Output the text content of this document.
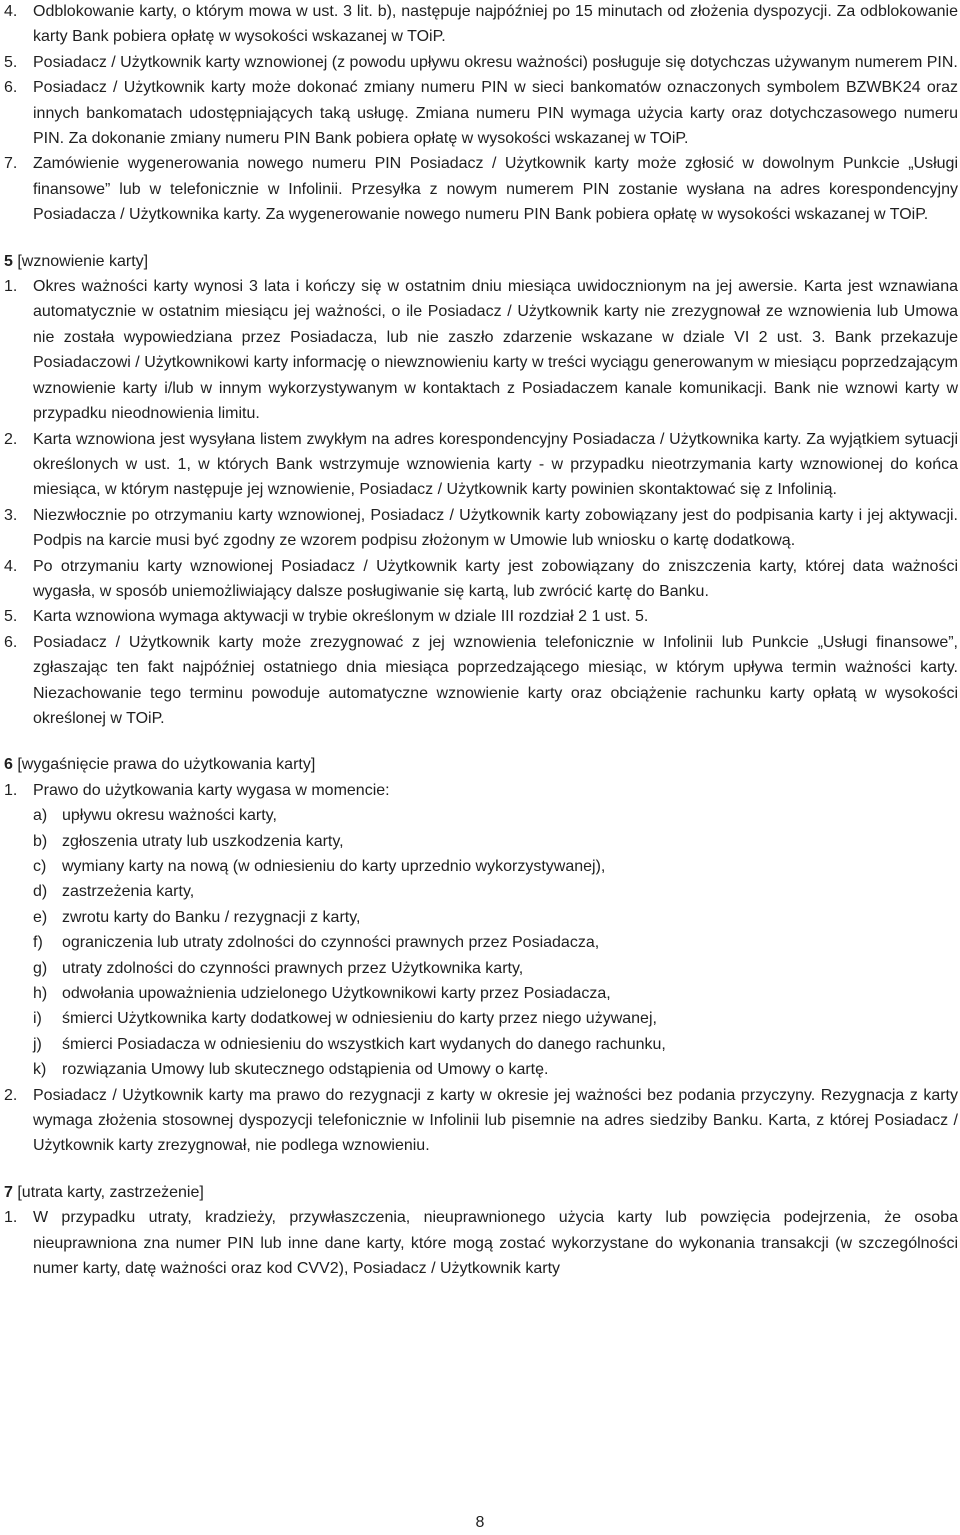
4. Odblokowanie karty, o którym mowa w ust. 3 lit. b), następuje najpóźniej po 15 minutach od złożenia dyspozycji. Za odblokowanie karty Bank pobiera opłatę w wysokości wskazanej w TOiP.
5. Posiadacz / Użytkownik karty wznowionej (z powodu upływu okresu ważności) posługuje się dotychczas używanym numerem PIN.
6. Posiadacz / Użytkownik karty może dokonać zmiany numeru PIN w sieci bankomatów oznaczonych symbolem BZWBK24 oraz innych bankomatach udostępniających taką usługę. Zmiana numeru PIN wymaga użycia karty oraz dotychczasowego numeru PIN. Za dokonanie zmiany numeru PIN Bank pobiera opłatę w wysokości wskazanej w TOiP.
7. Zamówienie wygenerowania nowego numeru PIN Posiadacz / Użytkownik karty może zgłosić w dowolnym Punkcie „Usługi finansowe” lub w telefonicznie w Infolinii. Przesyłka z nowym numerem PIN zostanie wysłana na adres korespondencyjny Posiadacza / Użytkownika karty. Za wygenerowanie nowego numeru PIN Bank pobiera opłatę w wysokości wskazanej w TOiP.
5 [wznowienie karty]
1. Okres ważności karty wynosi 3 lata i kończy się w ostatnim dniu miesiąca uwidocznionym na jej awersie. Karta jest wznawiana automatycznie w ostatnim miesiącu jej ważności, o ile Posiadacz / Użytkownik karty nie zrezygnował ze wznowienia lub Umowa nie została wypowiedziana przez Posiadacza, lub nie zaszło zdarzenie wskazane w dziale VI 2 ust. 3. Bank przekazuje Posiadaczowi / Użytkownikowi karty informację o niewznowieniu karty w treści wyciągu generowanym w miesiącu poprzedzającym wznowienie karty i/lub w innym wykorzystywanym w kontaktach z Posiadaczem kanale komunikacji. Bank nie wznowi karty w przypadku nieodnowienia limitu.
2. Karta wznowiona jest wysyłana listem zwykłym na adres korespondencyjny Posiadacza / Użytkownika karty. Za wyjątkiem sytuacji określonych w ust. 1, w których Bank wstrzymuje wznowienia karty - w przypadku nieotrzymania karty wznowionej do końca miesiąca, w którym następuje jej wznowienie, Posiadacz / Użytkownik karty powinien skontaktować się z Infolinią.
3. Niezwłocznie po otrzymaniu karty wznowionej, Posiadacz / Użytkownik karty zobowiązany jest do podpisania karty i jej aktywacji. Podpis na karcie musi być zgodny ze wzorem podpisu złożonym w Umowie lub wniosku o kartę dodatkową.
4. Po otrzymaniu karty wznowionej Posiadacz / Użytkownik karty jest zobowiązany do zniszczenia karty, której data ważności wygasła, w sposób uniemożliwiający dalsze posługiwanie się kartą, lub zwrócić kartę do Banku.
5. Karta wznowiona wymaga aktywacji w trybie określonym w dziale III rozdział 2 1 ust. 5.
6. Posiadacz / Użytkownik karty może zrezygnować z jej wznowienia telefonicznie w Infolinii lub Punkcie „Usługi finansowe”, zgłaszając ten fakt najpóźniej ostatniego dnia miesiąca poprzedzającego miesiąc, w którym upływa termin ważności karty. Niezachowanie tego terminu powoduje automatyczne wznowienie karty oraz obciążenie rachunku karty opłatą w wysokości określonej w TOiP.
6 [wygaśnięcie prawa do użytkowania karty]
1. Prawo do użytkowania karty wygasa w momencie:
a) upływu okresu ważności karty,
b) zgłoszenia utraty lub uszkodzenia karty,
c) wymiany karty na nową (w odniesieniu do karty uprzednio wykorzystywanej),
d) zastrzeżenia karty,
e) zwrotu karty do Banku / rezygnacji z karty,
f) ograniczenia lub utraty zdolności do czynności prawnych przez Posiadacza,
g) utraty zdolności do czynności prawnych przez Użytkownika karty,
h) odwołania upoważnienia udzielonego Użytkownikowi karty przez Posiadacza,
i) śmierci Użytkownika karty dodatkowej w odniesieniu do karty przez niego używanej,
j) śmierci Posiadacza w odniesieniu do wszystkich kart wydanych do danego rachunku,
k) rozwiązania Umowy lub skutecznego odstąpienia od Umowy o kartę.
2. Posiadacz / Użytkownik karty ma prawo do rezygnacji z karty w okresie jej ważności bez podania przyczyny. Rezygnacja z karty wymaga złożenia stosownej dyspozycji telefonicznie w Infolinii lub pisemnie na adres siedziby Banku. Karta, z której Posiadacz / Użytkownik karty zrezygnował, nie podlega wznowieniu.
7 [utrata karty, zastrzeżenie]
1. W przypadku utraty, kradzieży, przywłaszczenia, nieuprawnionego użycia karty lub powzięcia podejrzenia, że osoba nieuprawniona zna numer PIN lub inne dane karty, które mogą zostać wykorzystane do wykonania transakcji (w szczególności numer karty, datę ważności oraz kod CVV2), Posiadacz / Użytkownik karty
8
